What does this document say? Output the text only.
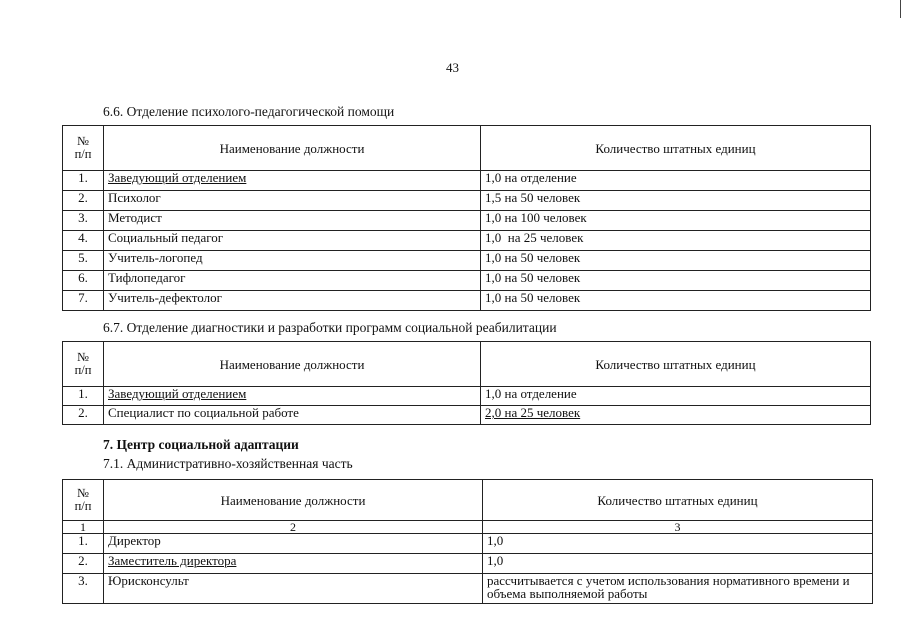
43
6.6. Отделение психолого-педагогической помощи
№
п/п	Наименование должности	Количество штатных единиц
1.	Заведующий отделением	1,0 на отделение
2.	Психолог	1,5 на 50 человек
3.	Методист	1,0 на 100 человек
4.	Социальный педагог	1,0  на 25 человек
5.	Учитель-логопед	1,0 на 50 человек
6.	Тифлопедагог	1,0 на 50 человек
7.	Учитель-дефектолог	1,0 на 50 человек
6.7. Отделение диагностики и разработки программ социальной реабилитации
№
п/п	Наименование должности	Количество штатных единиц
1.	Заведующий отделением	1,0 на отделение
2.	Специалист по социальной работе	2,0 на 25 человек
7. Центр социальной адаптации
7.1. Административно-хозяйственная часть
№
п/п	Наименование должности	Количество штатных единиц
1	2	3
1.	Директор	1,0
2.	Заместитель директора	1,0
3.	Юрисконсульт	рассчитывается с учетом использования нормативного времени и объема выполняемой работы
